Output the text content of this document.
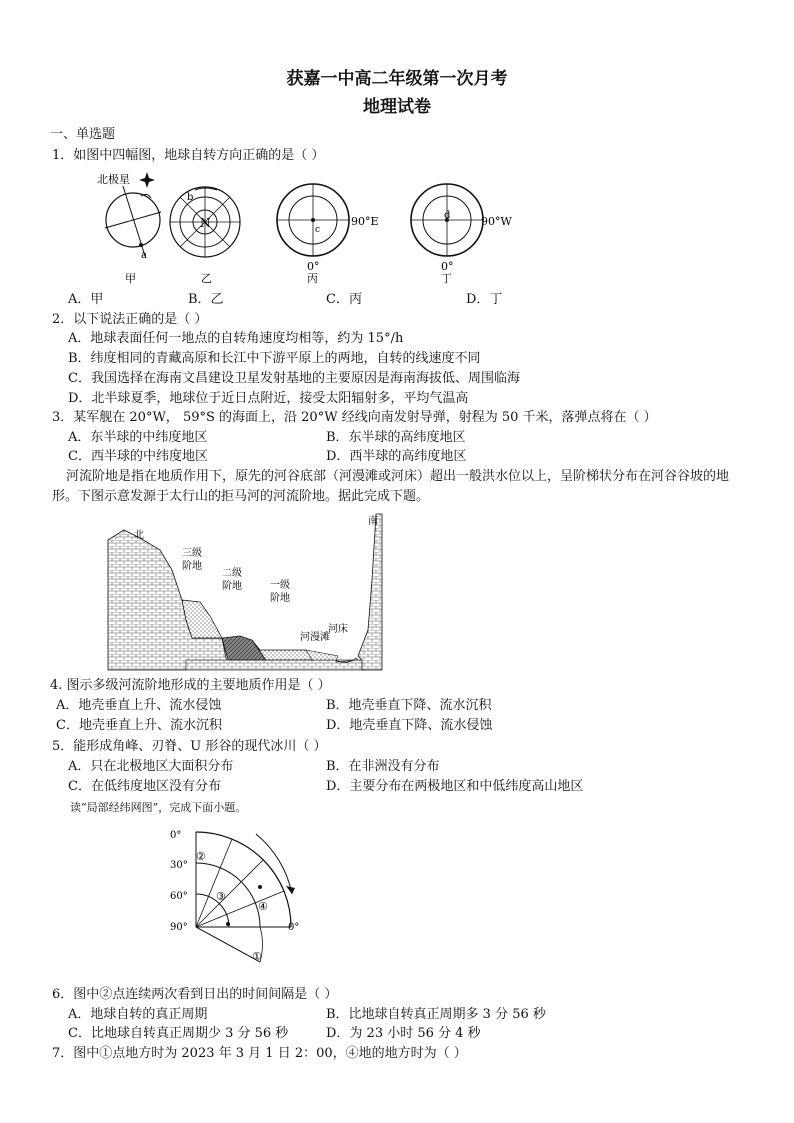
获嘉一中高二年级第一次月考
地理试卷
一、单选题
1．如图中四幅图，地球自转方向正确的是（ ）
北极星
a
甲
N
b
乙
c
90°E
0°
丙
d	90°W
0°
丁
A．甲	B．乙	C．丙	D．丁
2．以下说法正确的是（ ）
A．地球表面任何一地点的自转角速度均相等，约为 15°/h
B．纬度相同的青藏高原和长江中下游平原上的两地，自转的线速度不同
C．我国选择在海南文昌建设卫星发射基地的主要原因是海南海拔低、周围临海
D．北半球夏季，地球位于近日点附近，接受太阳辐射多，平均气温高
3．某军舰在 20°W， 59°S 的海面上，沿 20°W 经线向南发射导弹，射程为 50 千米，落弹点将在（ ）
A．东半球的中纬度地区	B．东半球的高纬度地区
C．西半球的中纬度地区	D．西半球的高纬度地区
河流阶地是指在地质作用下，原先的河谷底部（河漫滩或河床）超出一般洪水位以上，呈阶梯状分布在河谷谷坡的地形。下图示意发源于太行山的拒马河的河流阶地。据此完成下题。
北
南
三级
阶地
二级
阶地	一级
阶地
河漫滩
河床
4. 图示多级河流阶地形成的主要地质作用是（ ）
A．地壳垂直上升、流水侵蚀	B．地壳垂直下降、流水沉积
C．地壳垂直上升、流水沉积	D．地壳垂直下降、流水侵蚀
5．能形成角峰、刃脊、U 形谷的现代冰川（ ）
A．只在北极地区大面积分布	B．在非洲没有分布
C．在低纬度地区没有分布	D．主要分布在两极地区和中低纬度高山地区
读“局部经纬网图”，完成下面小题。
0°
30°
60°
90°	0°
②
③
④
①
6．图中②点连续两次看到日出的时间间隔是（ ）
A．地球自转的真正周期	B．比地球自转真正周期多 3 分 56 秒
C．比地球自转真正周期少 3 分 56 秒	D．为 23 小时 56 分 4 秒
7．图中①点地方时为 2023 年 3 月 1 日 2：00，④地的地方时为（ ）
